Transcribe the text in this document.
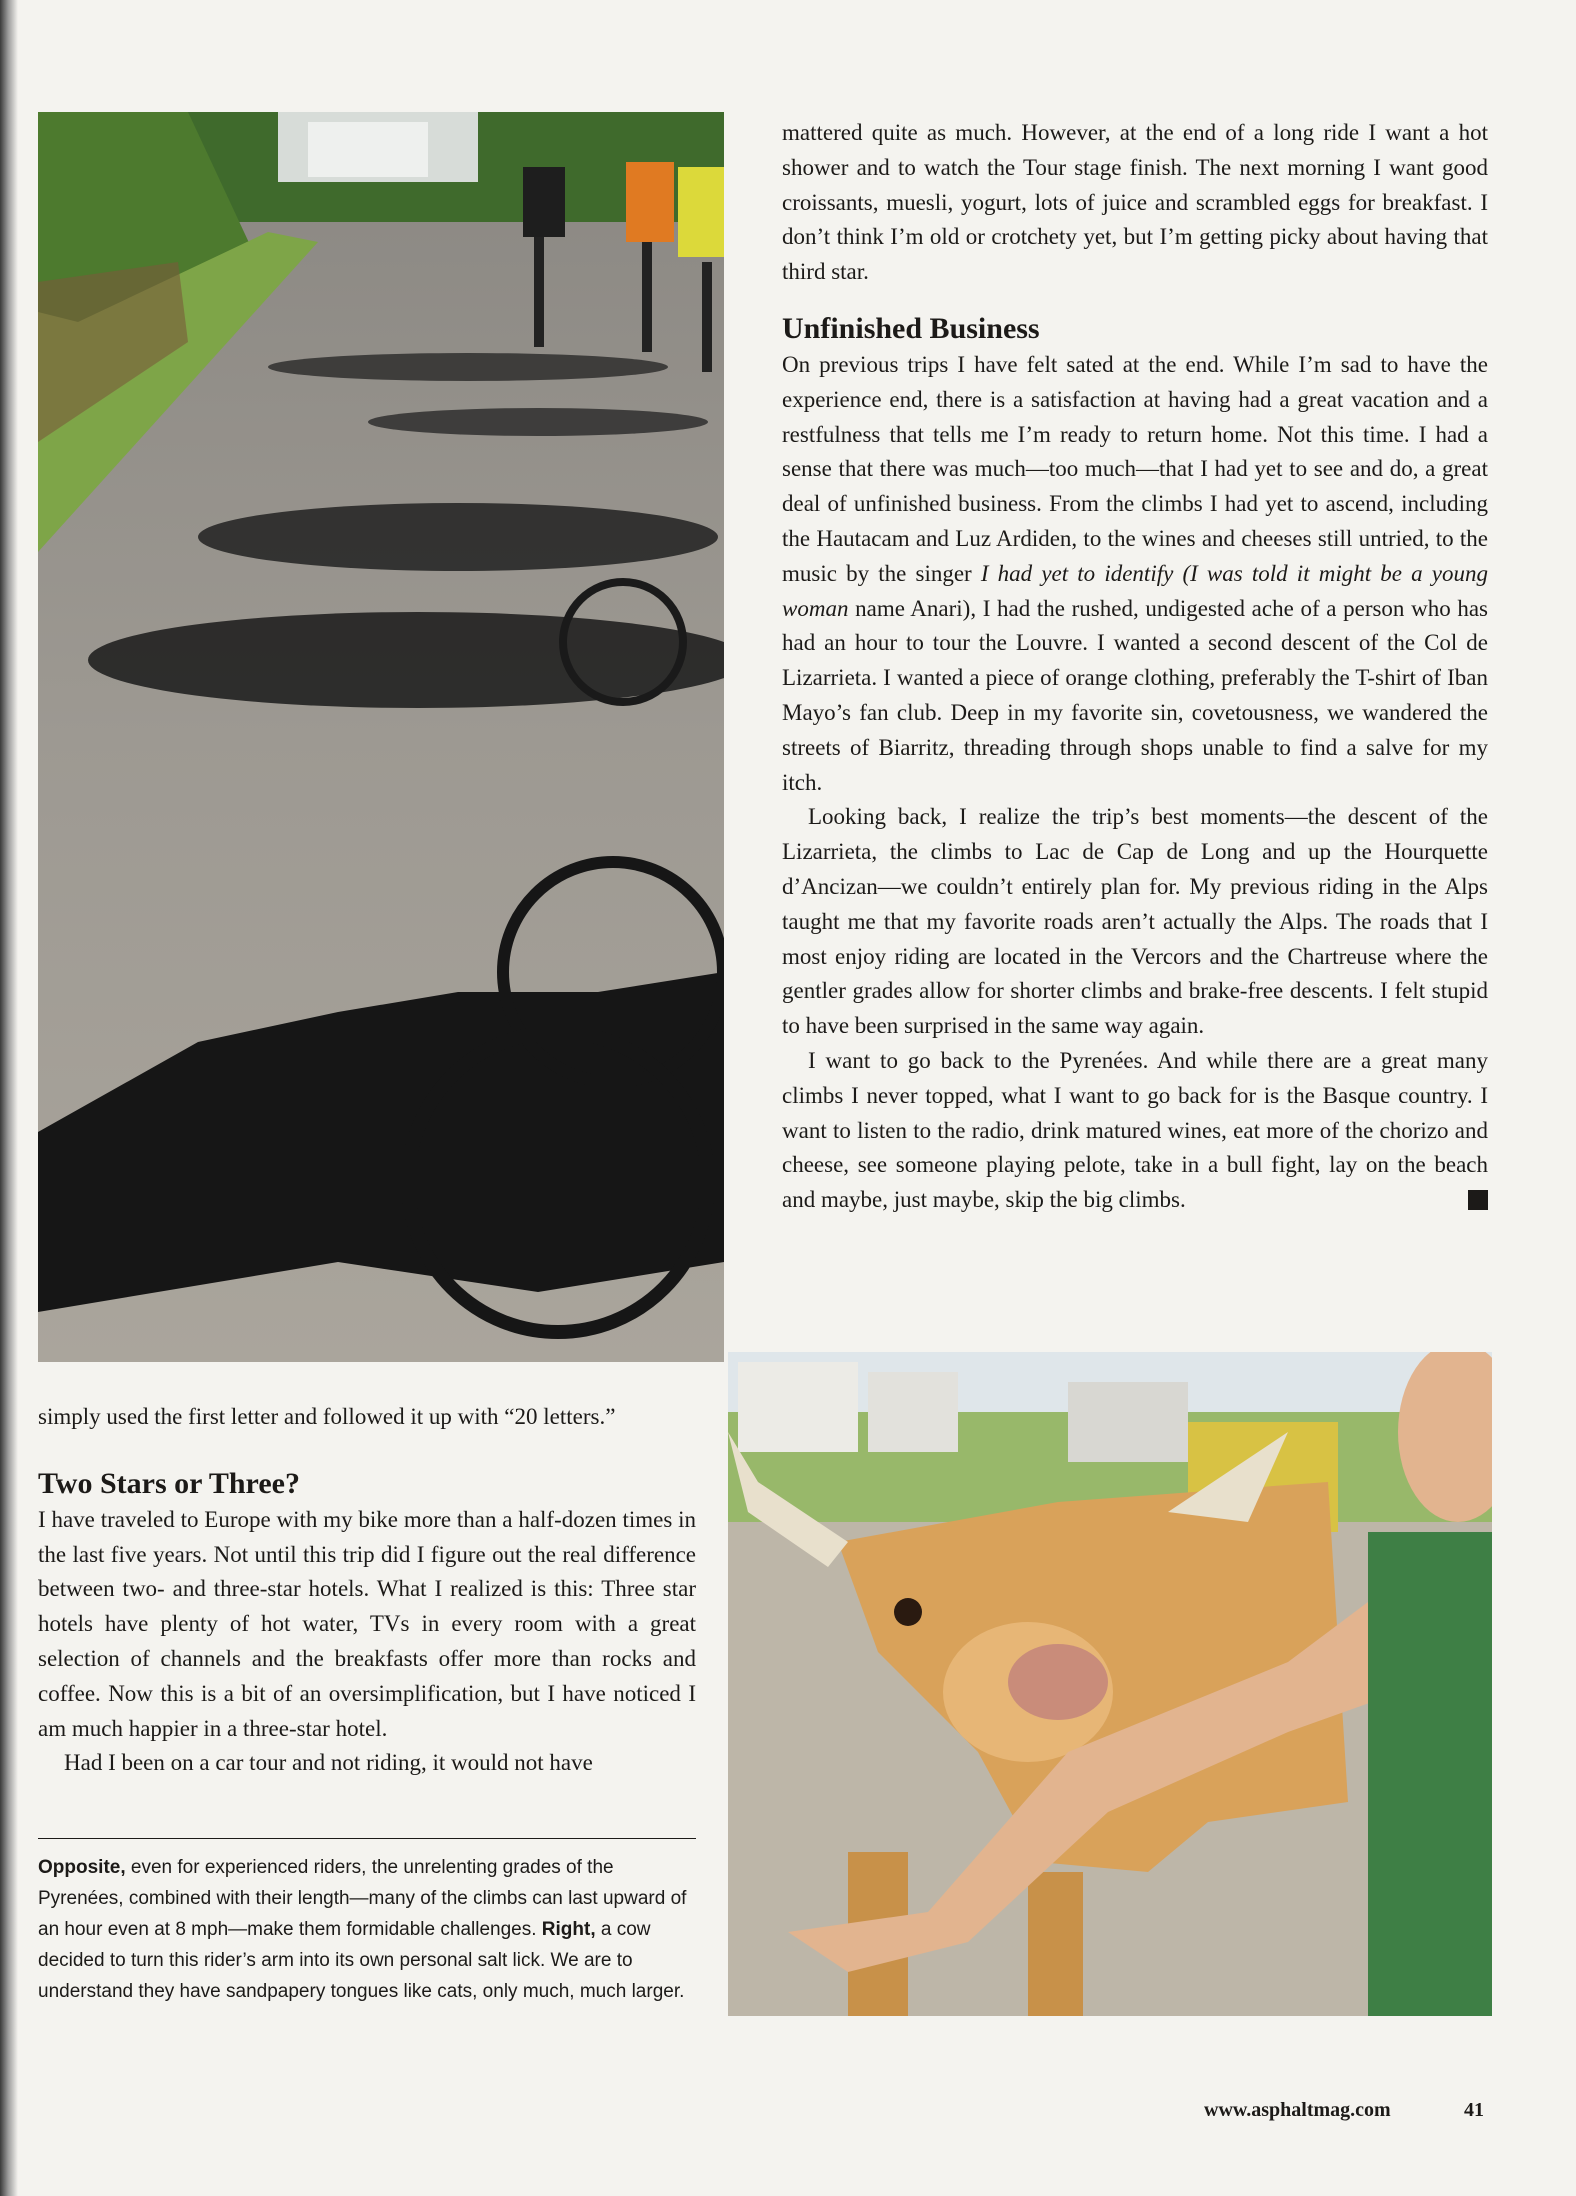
mattered quite as much. However, at the end of a long ride I want a hot shower and to watch the Tour stage finish. The next morning I want good croissants, muesli, yogurt, lots of juice and scrambled eggs for breakfast. I don’t think I’m old or crotchety yet, but I’m getting picky about having that third star.

Unfinished Business

On previous trips I have felt sated at the end. While I’m sad to have the experience end, there is a satisfaction at having had a great vacation and a restfulness that tells me I’m ready to return home. Not this time. I had a sense that there was much—too much—that I had yet to see and do, a great deal of unfinished business. From the climbs I had yet to ascend, including the Hautacam and Luz Ardiden, to the wines and cheeses still untried, to the music by the singer I had yet to identify (I was told it might be a young woman name Anari), I had the rushed, undigested ache of a person who has had an hour to tour the Louvre. I wanted a second descent of the Col de Lizarrieta. I wanted a piece of orange clothing, preferably the T-shirt of Iban Mayo’s fan club. Deep in my favorite sin, covetousness, we wandered the streets of Biarritz, threading through shops unable to find a salve for my itch.

Looking back, I realize the trip’s best moments—the descent of the Lizarrieta, the climbs to Lac de Cap de Long and up the Hourquette d’Ancizan—we couldn’t entirely plan for. My previous riding in the Alps taught me that my favorite roads aren’t actually the Alps. The roads that I most enjoy riding are located in the Vercors and the Chartreuse where the gentler grades allow for shorter climbs and brake-free descents. I felt stupid to have been surprised in the same way again.

I want to go back to the Pyrenées. And while there are a great many climbs I never topped, what I want to go back for is the Basque country. I want to listen to the radio, drink matured wines, eat more of the chorizo and cheese, see someone playing pelote, take in a bull fight, lay on the beach and maybe, just maybe, skip the big climbs.	A

simply used the first letter and followed it up with “20 letters.”

Two Stars or Three?

I have traveled to Europe with my bike more than a half-dozen times in the last five years. Not until this trip did I figure out the real difference between two- and three-star hotels. What I realized is this: Three star hotels have plenty of hot water, TVs in every room with a great selection of channels and the breakfasts offer more than rocks and coffee. Now this is a bit of an oversimplification, but I have noticed I am much happier in a three-star hotel.

Had I been on a car tour and not riding, it would not have

Opposite, even for experienced riders, the unrelenting grades of the Pyrenées, combined with their length—many of the climbs can last upward of an hour even at 8 mph—make them formidable challenges. Right, a cow decided to turn this rider’s arm into its own personal salt lick. We are to understand they have sandpapery tongues like cats, only much, much larger.
www.asphaltmag.com	41
